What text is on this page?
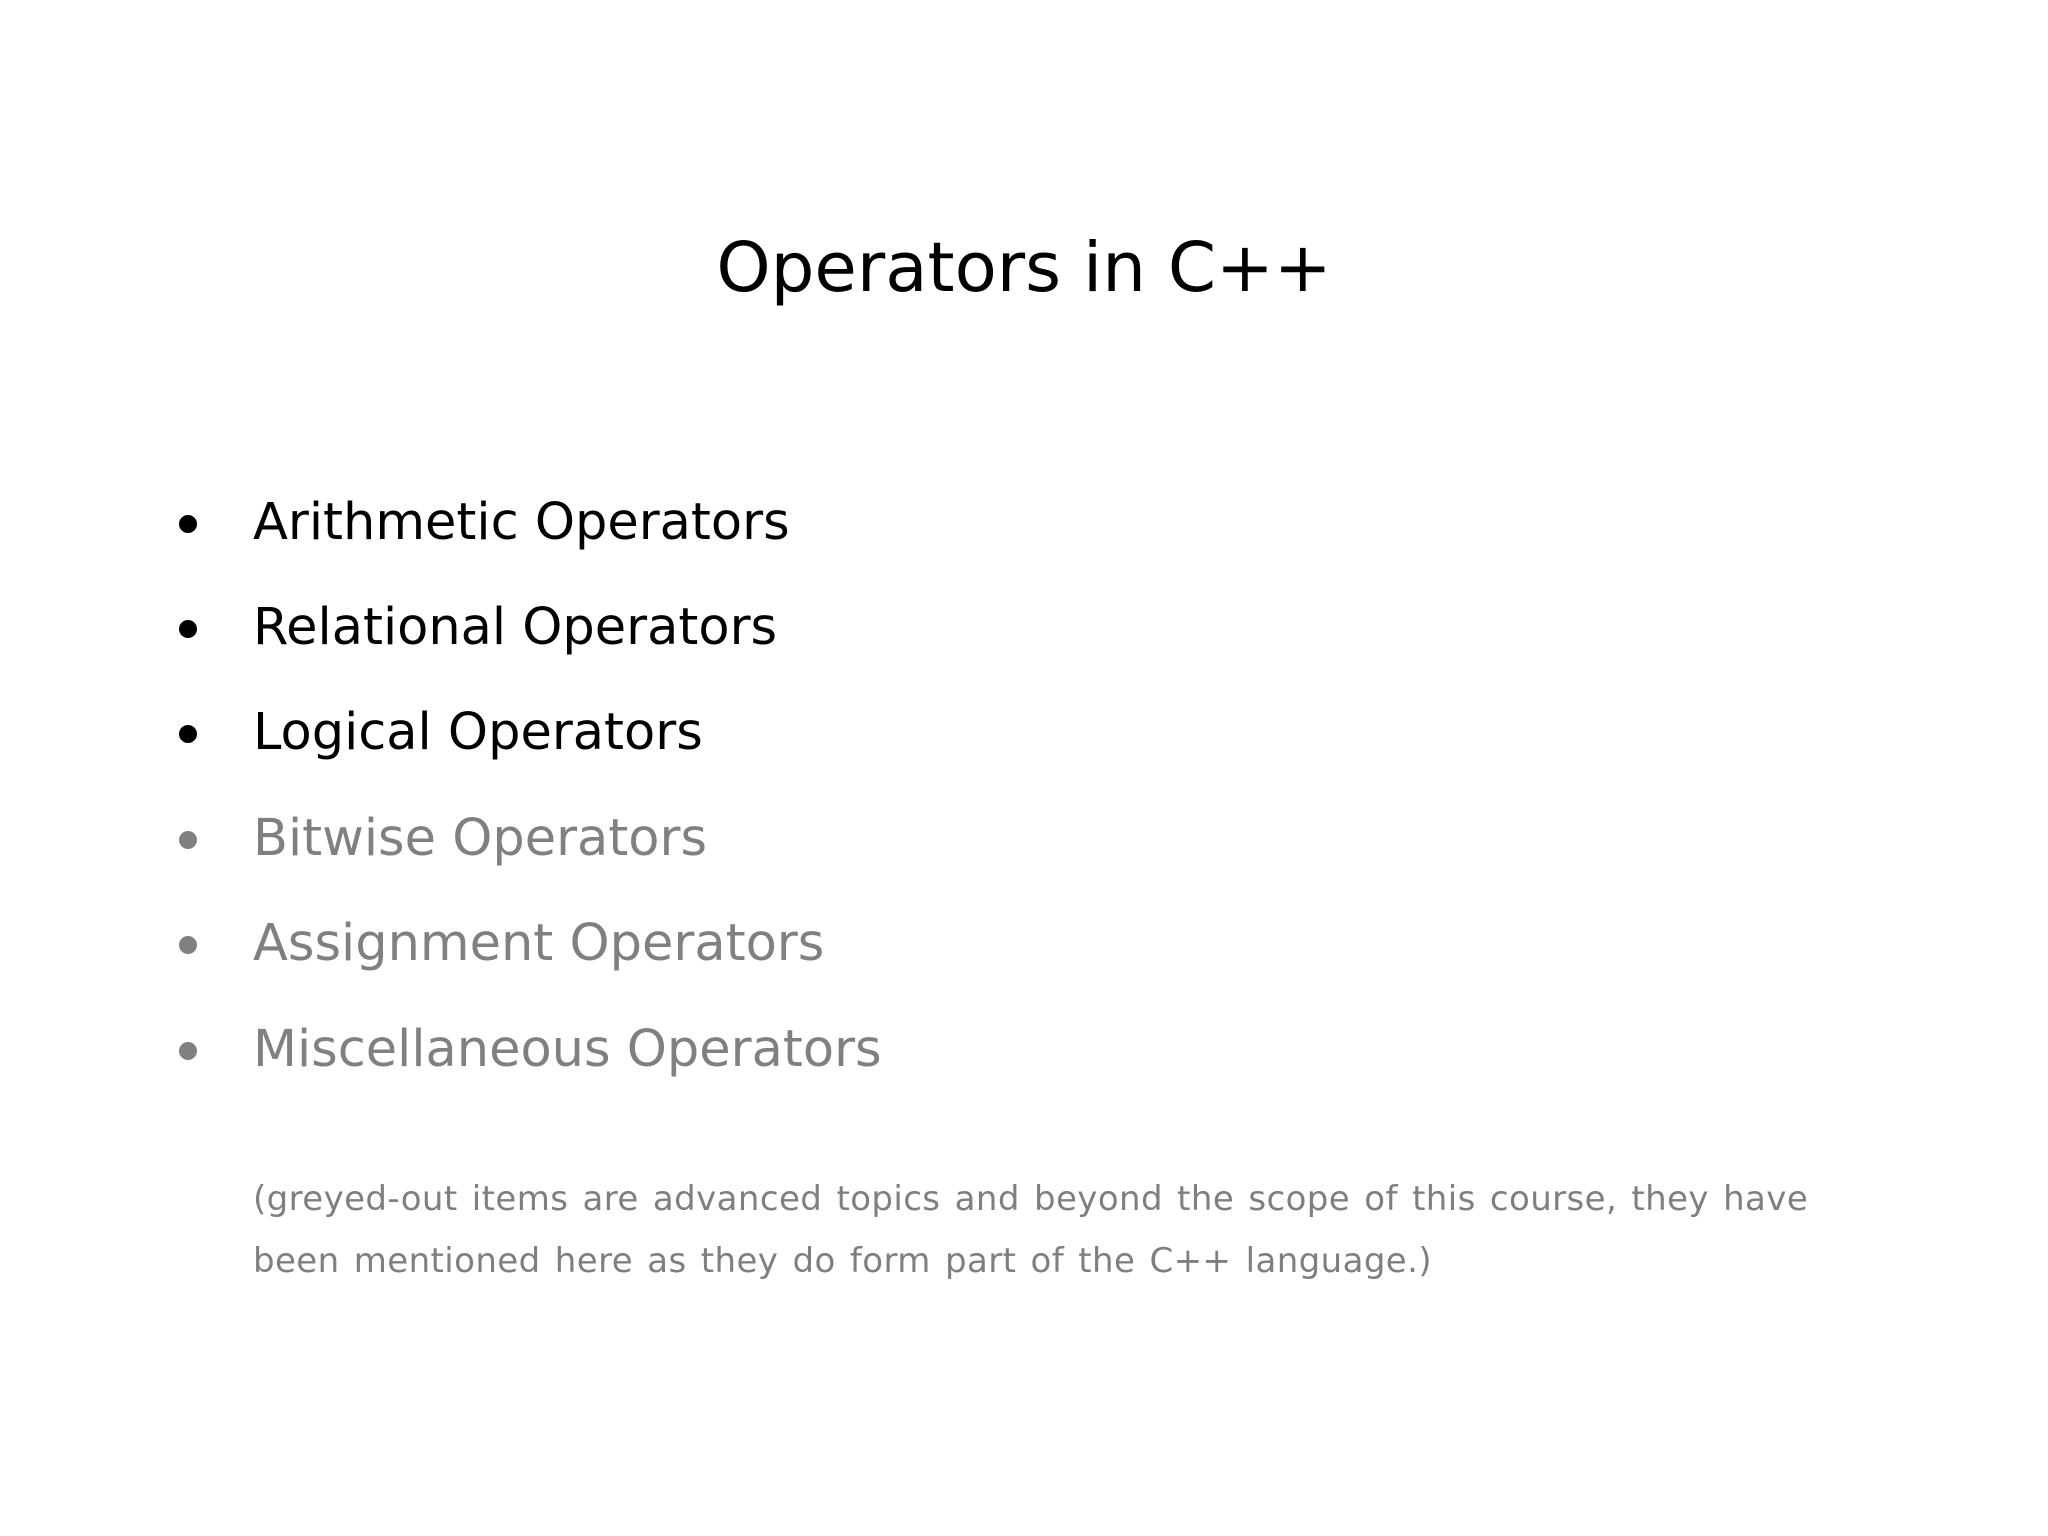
Operators in C++
Arithmetic Operators
Relational Operators
Logical Operators
Bitwise Operators
Assignment Operators
Miscellaneous Operators

(greyed-out items are advanced topics and beyond the scope of this course, they have been mentioned here as they do form part of the C++ language.)
